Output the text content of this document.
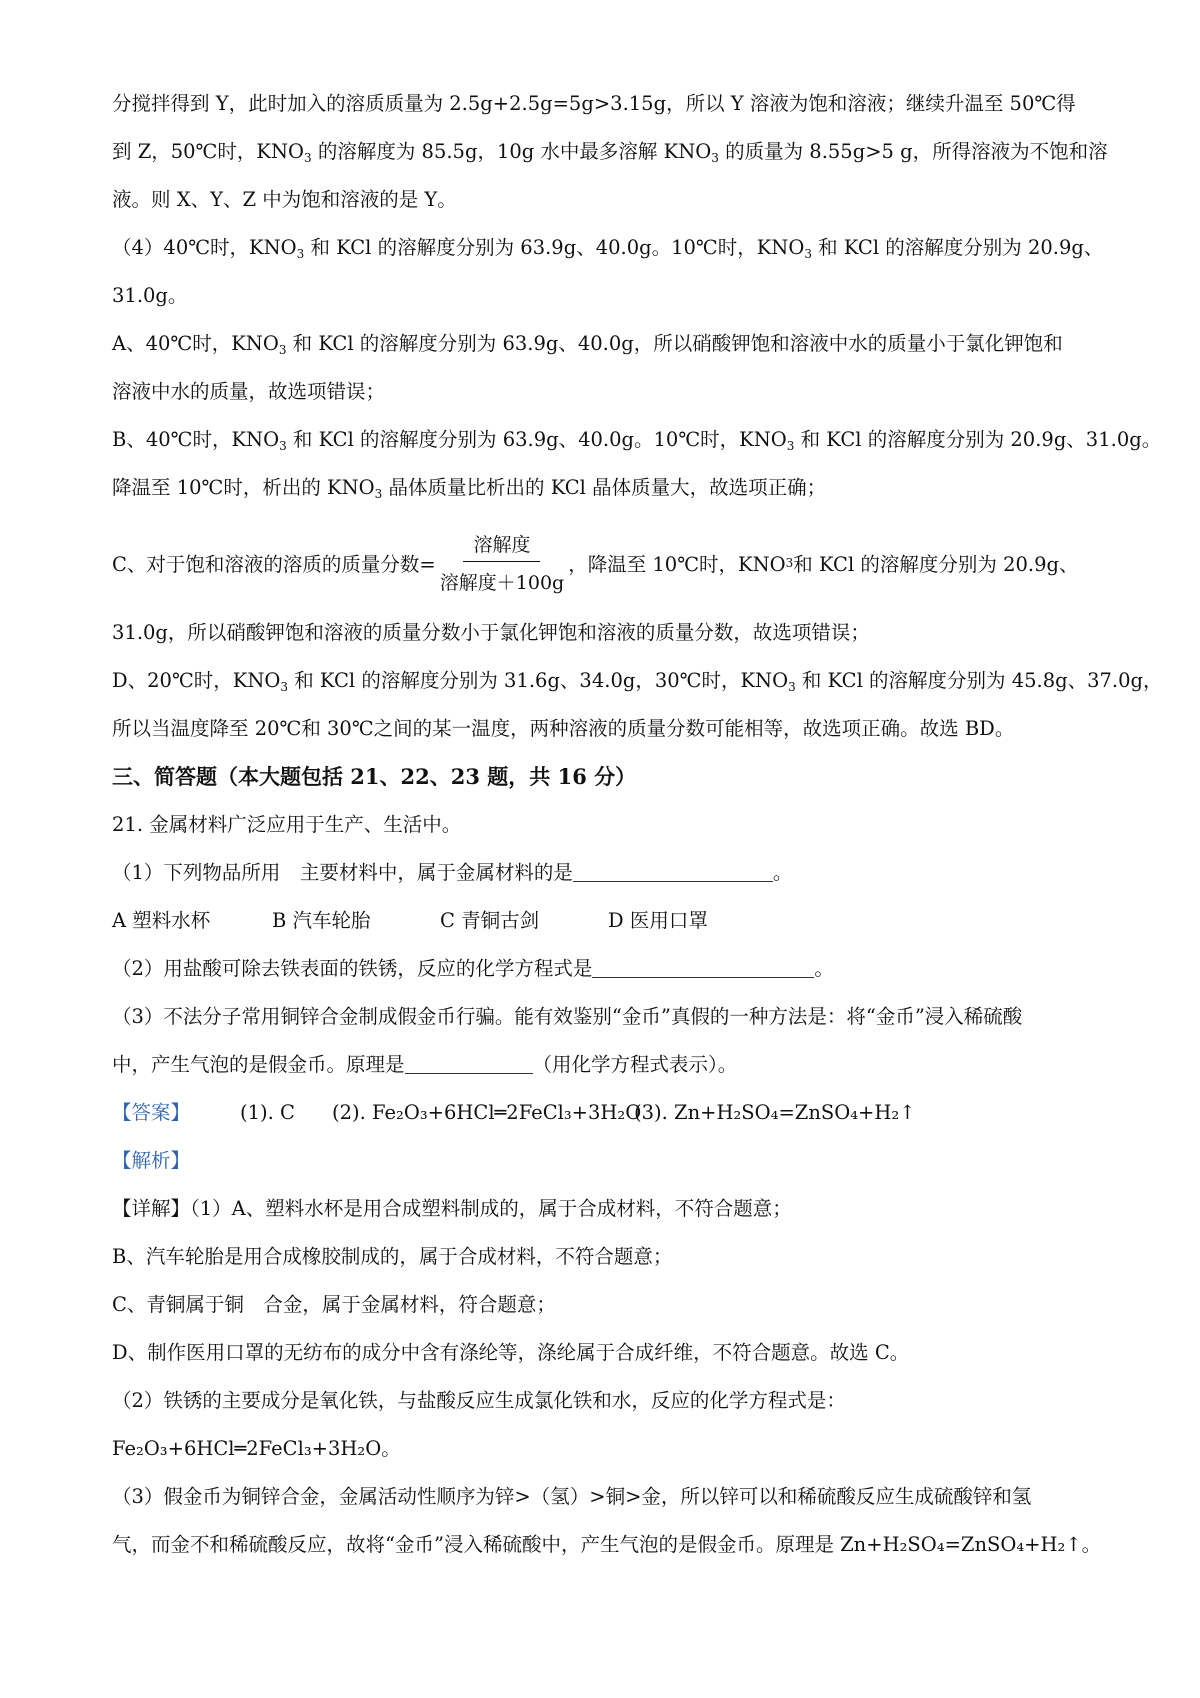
分搅拌得到 Y，此时加入的溶质质量为 2.5g+2.5g=5g>3.15g，所以 Y 溶液为饱和溶液；继续升温至 50℃得

到 Z，50℃时，$KNO_3$ 的溶解度为 85.5g，10g 水中最多溶解 $KNO_3$ 的质量为 8.55g>5 g，所得溶液为不饱和溶

液。则 X、Y、Z 中为饱和溶液的是 Y。

（4）40℃时，$KNO_3$ 和 KCl 的溶解度分别为 63.9g、40.0g。10℃时，$KNO_3$ 和 KCl 的溶解度分别为 20.9g、

31.0g。

A、40℃时，$KNO_3$ 和 KCl 的溶解度分别为 63.9g、40.0g，所以硝酸钾饱和溶液中水的质量小于氯化钾饱和

溶液中水的质量，故选项错误；

B、40℃时，$KNO_3$ 和 KCl 的溶解度分别为 63.9g、40.0g。10℃时，$KNO_3$ 和 KCl 的溶解度分别为 20.9g、31.0g。

降温至 10℃时，析出的 $KNO_3$ 晶体质量比析出的 KCl 晶体质量大，故选项正确；

C、对于饱和溶液的溶质的质量分数= $\frac{\text{溶解度}}{\text{溶解度＋100g}}$ ，降温至 10℃时，KNO 3 和 KCl 的溶解度分别为 20.9g、

31.0g，所以硝酸钾饱和溶液的质量分数小于氯化钾饱和溶液的质量分数，故选项错误；

D、20℃时，$KNO_3$ 和 KCl 的溶解度分别为 31.6g、34.0g，30℃时，$KNO_3$ 和 KCl 的溶解度分别为 45.8g、37.0g，

所以当温度降至 20℃和 30℃之间的某一温度，两种溶液的质量分数可能相等，故选项正确。故选 BD。

三、简答题（本大题包括 21、22、23 题，共 16 分）

21. 金属材料广泛应用于生产、生活中。

（1）下列物品所用　主要材料中，属于金属材料的是	。

A 塑料水杯	B 汽车轮胎	C 青铜古剑	D 医用口罩

（2）用盐酸可除去铁表面的铁锈，反应的化学方程式是	。

（3）不法分子常用铜锌合金制成假金币行骗。能有效鉴别“金币”真假的一种方法是：将“金币”浸入稀硫酸

中，产生气泡的是假金币。原理是	（用化学方程式表示）。

【答案】	(1). C	(2). Fe₂O₃+6HCl═2FeCl₃+3H₂O
(3). Zn+H₂SO₄=ZnSO₄+H₂↑

【解析】

【详解】（1）A、塑料水杯是用合成塑料制成的，属于合成材料，不符合题意；

B、汽车轮胎是用合成橡胶制成的，属于合成材料，不符合题意；

C、青铜属于铜　合金，属于金属材料，符合题意；

D、制作医用口罩的无纺布的成分中含有涤纶等，涤纶属于合成纤维，不符合题意。故选 C。

（2）铁锈的主要成分是氧化铁，与盐酸反应生成氯化铁和水，反应的化学方程式是：

Fe₂O₃+6HCl═2FeCl₃+3H₂O。

（3）假金币为铜锌合金，金属活动性顺序为锌>（氢）>铜>金，所以锌可以和稀硫酸反应生成硫酸锌和氢

气，而金不和稀硫酸反应，故将“金币”浸入稀硫酸中，产生气泡的是假金币。原理是 Zn+H₂SO₄=ZnSO₄+H₂↑。
